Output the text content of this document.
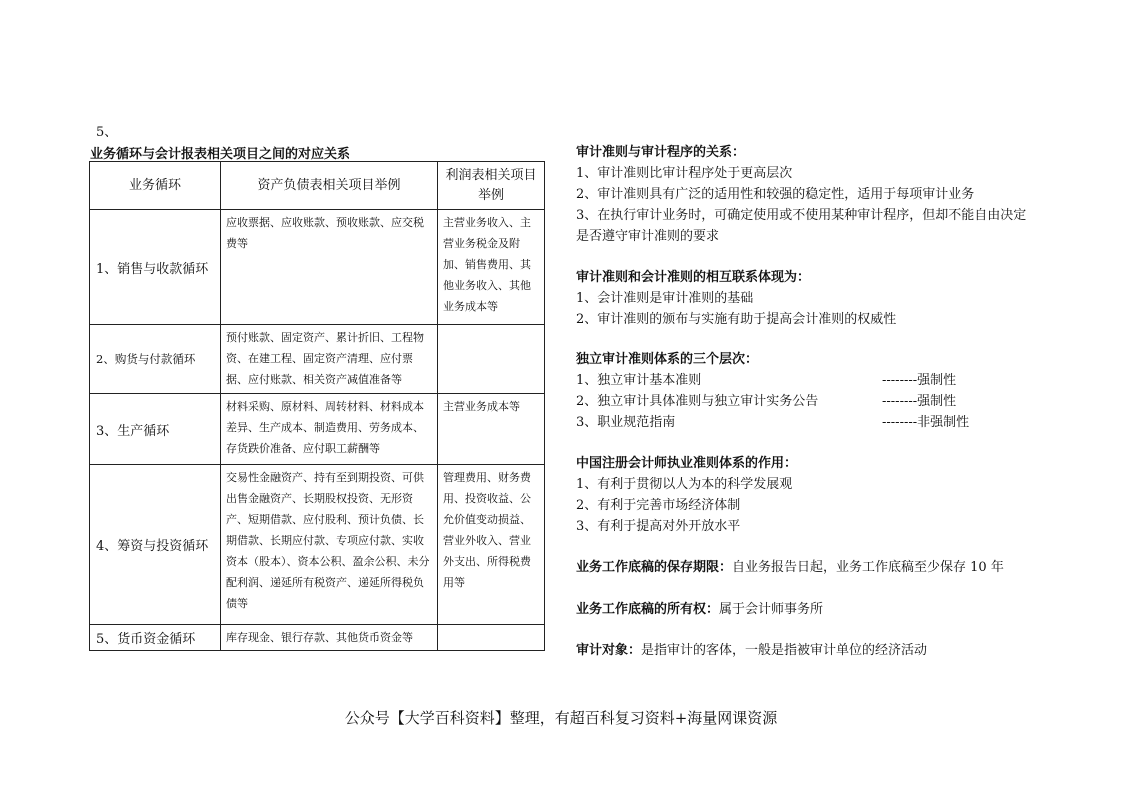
5、
业务循环与会计报表相关项目之间的对应关系
业务循环	资产负债表相关项目举例	利润表相关项目举例
1、销售与收款循环	应收票据、应收账款、预收账款、应交税费等	主营业务收入、主营业务税金及附加、销售费用、其他业务收入、其他业务成本等
2、购货与付款循环	预付账款、固定资产、累计折旧、工程物资、在建工程、固定资产清理、应付票据、应付账款、相关资产减值准备等	
3、生产循环	材料采购、原材料、周转材料、材料成本差异、生产成本、制造费用、劳务成本、存货跌价准备、应付职工薪酬等	主营业务成本等
4、筹资与投资循环	交易性金融资产、持有至到期投资、可供出售金融资产、长期股权投资、无形资产、短期借款、应付股利、预计负债、长期借款、长期应付款、专项应付款、实收资本（股本）、资本公积、盈余公积、未分配利润、递延所有税资产、递延所得税负债等	管理费用、财务费用、投资收益、公允价值变动损益、营业外收入、营业外支出、所得税费用等
5、货币资金循环	库存现金、银行存款、其他货币资金等	
审计准则与审计程序的关系：
1、审计准则比审计程序处于更高层次
2、审计准则具有广泛的适用性和较强的稳定性，适用于每项审计业务
3、在执行审计业务时，可确定使用或不使用某种审计程序，但却不能自由决定是否遵守审计准则的要求
审计准则和会计准则的相互联系体现为：
1、会计准则是审计准则的基础
2、审计准则的颁布与实施有助于提高会计准则的权威性
独立审计准则体系的三个层次：
1、独立审计基本准则	--------强制性
2、独立审计具体准则与独立审计实务公告	--------强制性
3、职业规范指南	--------非强制性
中国注册会计师执业准则体系的作用：
1、有利于贯彻以人为本的科学发展观
2、有利于完善市场经济体制
3、有利于提高对外开放水平
业务工作底稿的保存期限：自业务报告日起，业务工作底稿至少保存 10 年
业务工作底稿的所有权：属于会计师事务所
审计对象：是指审计的客体，一般是指被审计单位的经济活动
公众号【大学百科资料】整理，有超百科复习资料+海量网课资源
